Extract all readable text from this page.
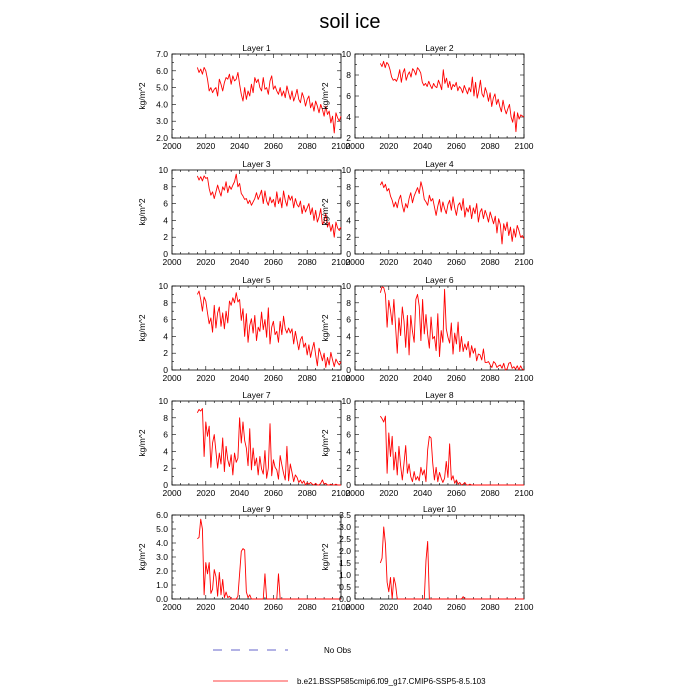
soil ice
Layer 1
2000 2020 2040 2060 2080 2100
2.0
3.0
4.0
5.0
6.0
7.0
kg/m^2
Layer 2
2000 2020 2040 2060 2080 2100
2
4
6
8
10
kg/m^2
Layer 3
2000 2020 2040 2060 2080 2100
0
2
4
6
8
10
kg/m^2
Layer 4
2000 2020 2040 2060 2080 2100
0
2
4
6
8
10
kg/m^2
Layer 5
2000 2020 2040 2060 2080 2100
0
2
4
6
8
10
kg/m^2
Layer 6
2000 2020 2040 2060 2080 2100
0
2
4
6
8
10
kg/m^2
Layer 7
2000 2020 2040 2060 2080 2100
0
2
4
6
8
10
kg/m^2
Layer 8
2000 2020 2040 2060 2080 2100
0
2
4
6
8
10
kg/m^2
Layer 9
2000 2020 2040 2060 2080 2100
0.0
1.0
2.0
3.0
4.0
5.0
6.0
kg/m^2
Layer 10
2000 2020 2040 2060 2080 2100
0.0
0.5
1.0
1.5
2.0
2.5
3.0
3.5
kg/m^2
No Obs
b.e21.BSSP585cmip6.f09_g17.CMIP6-SSP5-8.5.103
